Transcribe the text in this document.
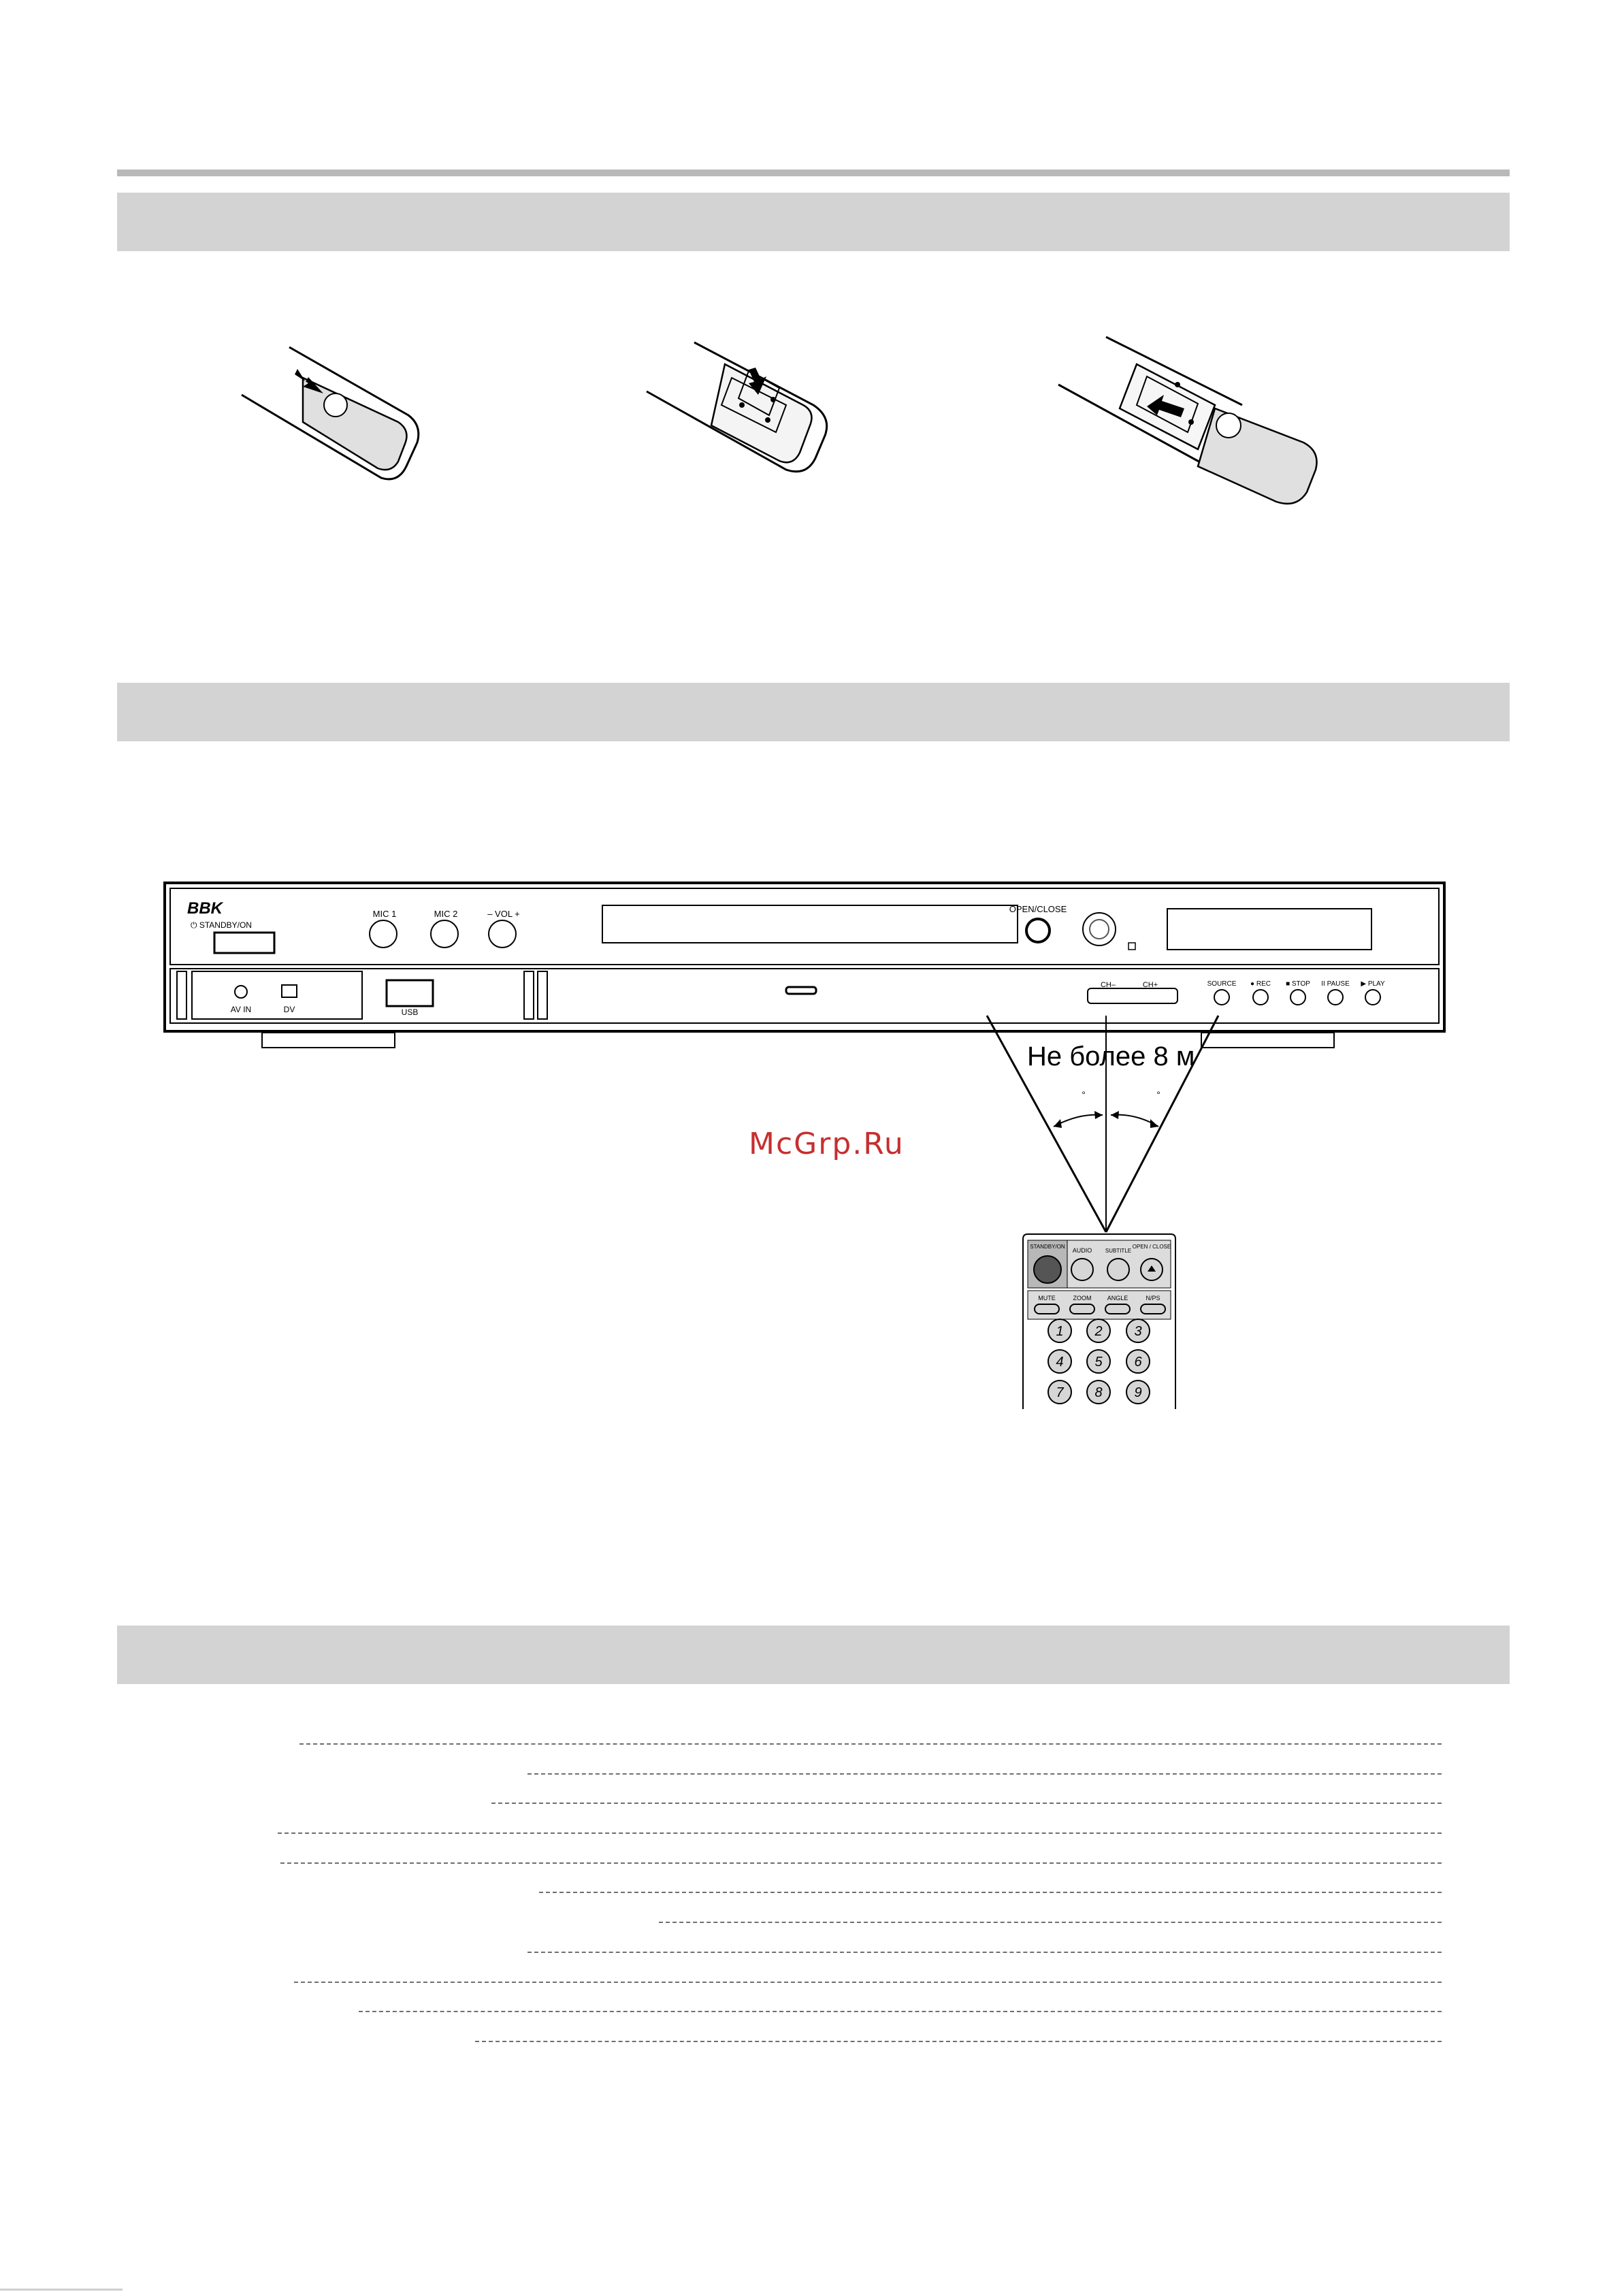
BBK
⏻ STANDBY/ON
MIC 1	MIC 2	– VOL +	OPEN/CLOSE
AV IN	DV	USB
CH–	CH+	SOURCE ● REC ■ STOP II PAUSE ▶ PLAY
°	°
Не более 8 м
McGrp.Ru
STANDBY/ON
AUDIO SUBTITLE
OPEN / CLOSE
MUTE	ZOOM	ANGLE	N/PS
1 2 3
4 5 6
7 8 9
